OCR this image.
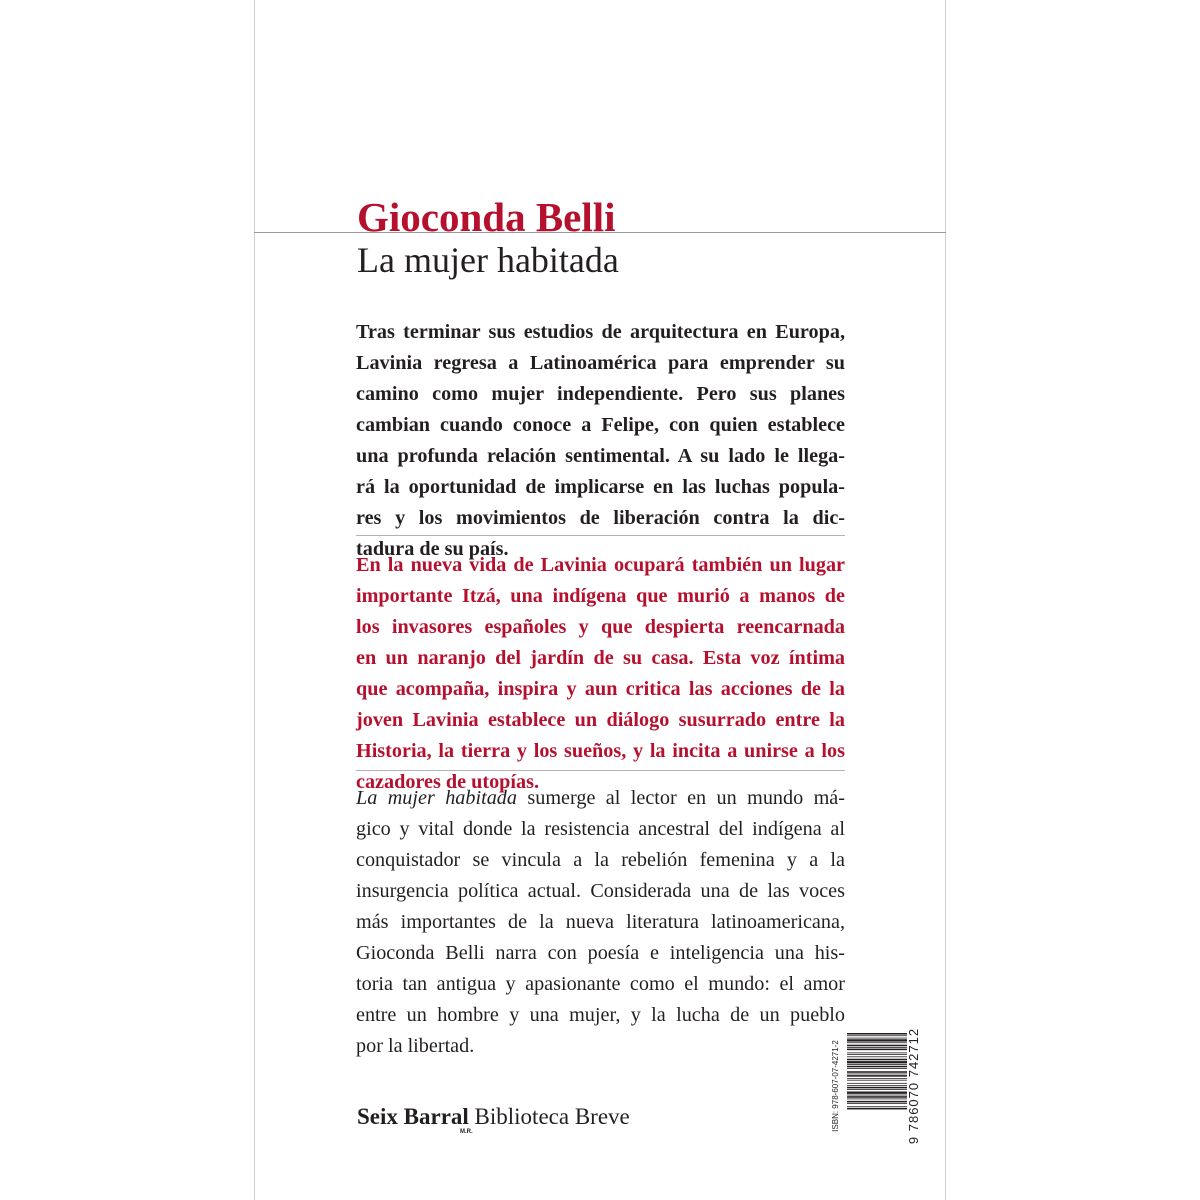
Gioconda Belli
La mujer habitada
Tras terminar sus estudios de arquitectura en Europa,
Lavinia regresa a Latinoamérica para emprender su
camino como mujer independiente. Pero sus planes
cambian cuando conoce a Felipe, con quien establece
una profunda relación sentimental. A su lado le llega-
rá la oportunidad de implicarse en las luchas popula-
res y los movimientos de liberación contra la dic-
tadura de su país.
En la nueva vida de Lavinia ocupará también un lugar
importante Itzá, una indígena que murió a manos de
los invasores españoles y que despierta reencarnada
en un naranjo del jardín de su casa. Esta voz íntima
que acompaña, inspira y aun critica las acciones de la
joven Lavinia establece un diálogo susurrado entre la
Historia, la tierra y los sueños, y la incita a unirse a los
cazadores de utopías.
La mujer habitada sumerge al lector en un mundo má-
gico y vital donde la resistencia ancestral del indígena al
conquistador se vincula a la rebelión femenina y a la
insurgencia política actual. Considerada una de las voces
más importantes de la nueva literatura latinoamericana,
Gioconda Belli narra con poesía e inteligencia una his-
toria tan antigua y apasionante como el mundo: el amor
entre un hombre y una mujer, y la lucha de un pueblo
por la libertad.
Seix Barral
M.R.
Biblioteca Breve	ISBN: 978-607-07-4271-2	9 786070 742712
